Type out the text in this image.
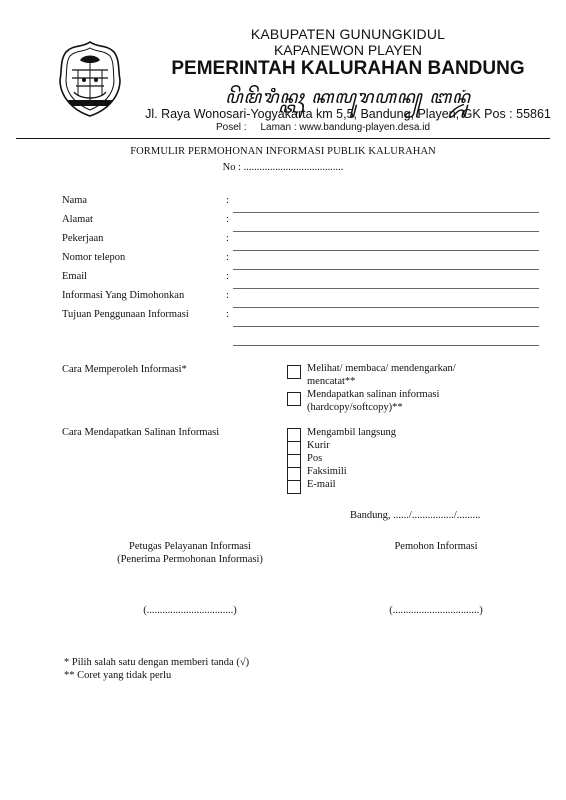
KABUPATEN GUNUNGKIDUL
KAPANEWON PLAYEN
PEMERINTAH KALURAHAN BANDUNG
ꦥꦼꦩꦼꦫꦶꦤ꧀ꦠꦃ ꦏꦭꦸꦫꦲꦤ꧀ ꦧꦤ꧀ꦢꦸꦁ
Jl. Raya Wonosari-Yogyakarta km 5,5, Bandung, Playen, GK Pos : 55861
Posel :     Laman : www.bandung-playen.desa.id
FORMULIR PERMOHONAN INFORMASI PUBLIK KALURAHAN
No : ......................................
Nama	:
Alamat	:
Pekerjaan	:
Nomor telepon	:
Email	:
Informasi Yang Dimohonkan	:
Tujuan Penggunaan Informasi	:
Cara Memperoleh Informasi*	Melihat/ membaca/ mendengarkan/
mencatat**
Mendapatkan salinan informasi
(hardcopy/softcopy)**
Cara Mendapatkan Salinan Informasi	Mengambil langsung
Kurir
Pos
Faksimili
E-mail
Bandung, ....../................/.........
Petugas Pelayanan Informasi
(Penerima Permohonan Informasi)
Pemohon Informasi
(.................................)	(.................................)
* Pilih salah satu dengan memberi tanda (√)
** Coret yang tidak perlu
